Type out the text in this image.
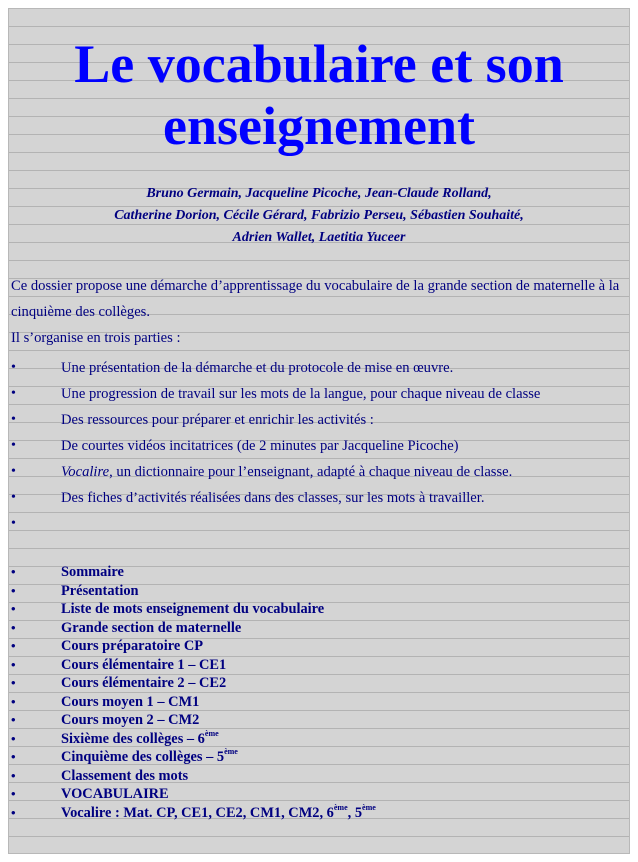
Le vocabulaire et son
enseignement
Bruno Germain, Jacqueline Picoche, Jean-Claude Rolland,
Catherine Dorion, Cécile Gérard, Fabrizio Perseu, Sébastien Souhaité,
Adrien Wallet, Laetitia Yuceer

Ce dossier propose une démarche d’apprentissage du vocabulaire de la grande section de maternelle à la cinquième des collèges.

Il s’organise en trois parties :

•	Une présentation de la démarche et du protocole de mise en œuvre.
•	Une progression de travail sur les mots de la langue, pour chaque niveau de classe
•	Des ressources pour préparer et enrichir les activités :
•	De courtes vidéos incitatrices (de 2 minutes par Jacqueline Picoche)
•	Vocalire, un dictionnaire pour l’enseignant, adapté à chaque niveau de classe.
•	Des fiches d’activités réalisées dans des classes, sur les mots à travailler.
•
•	Sommaire
•	Présentation
•	Liste de mots enseignement du vocabulaire
•	Grande section de maternelle
•	Cours préparatoire CP
•	Cours élémentaire 1 – CE1
•	Cours élémentaire 2 – CE2
•	Cours moyen 1 – CM1
•	Cours moyen 2 – CM2
•	Sixième des collèges – 6ème
•	Cinquième des collèges – 5ème
•	Classement des mots
•	VOCABULAIRE
•	Vocalire : Mat. CP, CE1, CE2, CM1, CM2, 6ème, 5ème
